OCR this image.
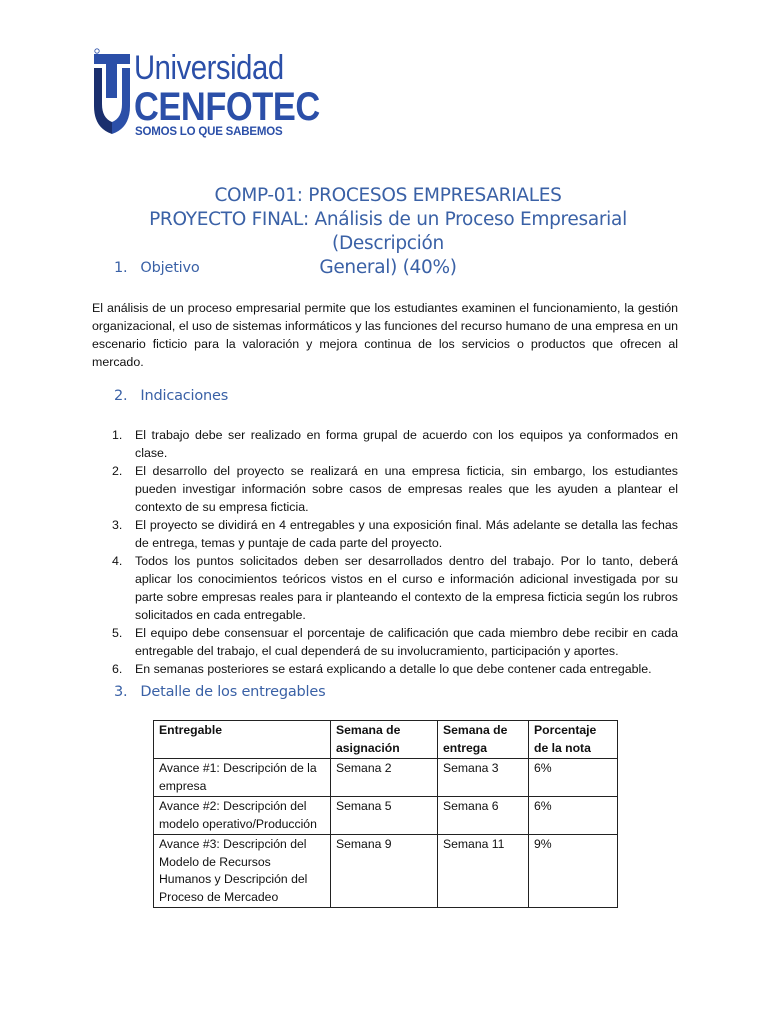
Universidad
CENFOTEC
SOMOS LO QUE SABEMOS
COMP-01: PROCESOS EMPRESARIALES
PROYECTO FINAL: Análisis de un Proceso Empresarial (Descripción
General) (40%)
1. Objetivo

El análisis de un proceso empresarial permite que los estudiantes examinen el funcionamiento, la gestión organizacional, el uso de sistemas informáticos y las funciones del recurso humano de una empresa en un escenario ficticio para la valoración y mejora continua de los servicios o productos que ofrecen al mercado.

2. Indicaciones
1. El trabajo debe ser realizado en forma grupal de acuerdo con los equipos ya conformados en clase.
2. El desarrollo del proyecto se realizará en una empresa ficticia, sin embargo, los estudiantes pueden investigar información sobre casos de empresas reales que les ayuden a plantear el contexto de su empresa ficticia.
3. El proyecto se dividirá en 4 entregables y una exposición final. Más adelante se detalla las fechas de entrega, temas y puntaje de cada parte del proyecto.
4. Todos los puntos solicitados deben ser desarrollados dentro del trabajo. Por lo tanto, deberá aplicar los conocimientos teóricos vistos en el curso e información adicional investigada por su parte sobre empresas reales para ir planteando el contexto de la empresa ficticia según los rubros solicitados en cada entregable.
5. El equipo debe consensuar el porcentaje de calificación que cada miembro debe recibir en cada entregable del trabajo, el cual dependerá de su involucramiento, participación y aportes.
6. En semanas posteriores se estará explicando a detalle lo que debe contener cada entregable.
3. Detalle de los entregables
Entregable	Semana de asignación	Semana de entrega	Porcentaje de la nota
Avance #1: Descripción de la empresa	Semana 2	Semana 3	6%
Avance #2: Descripción del modelo operativo/Producción	Semana 5	Semana 6	6%
Avance #3: Descripción del Modelo de Recursos Humanos y Descripción del Proceso de Mercadeo	Semana 9	Semana 11	9%
